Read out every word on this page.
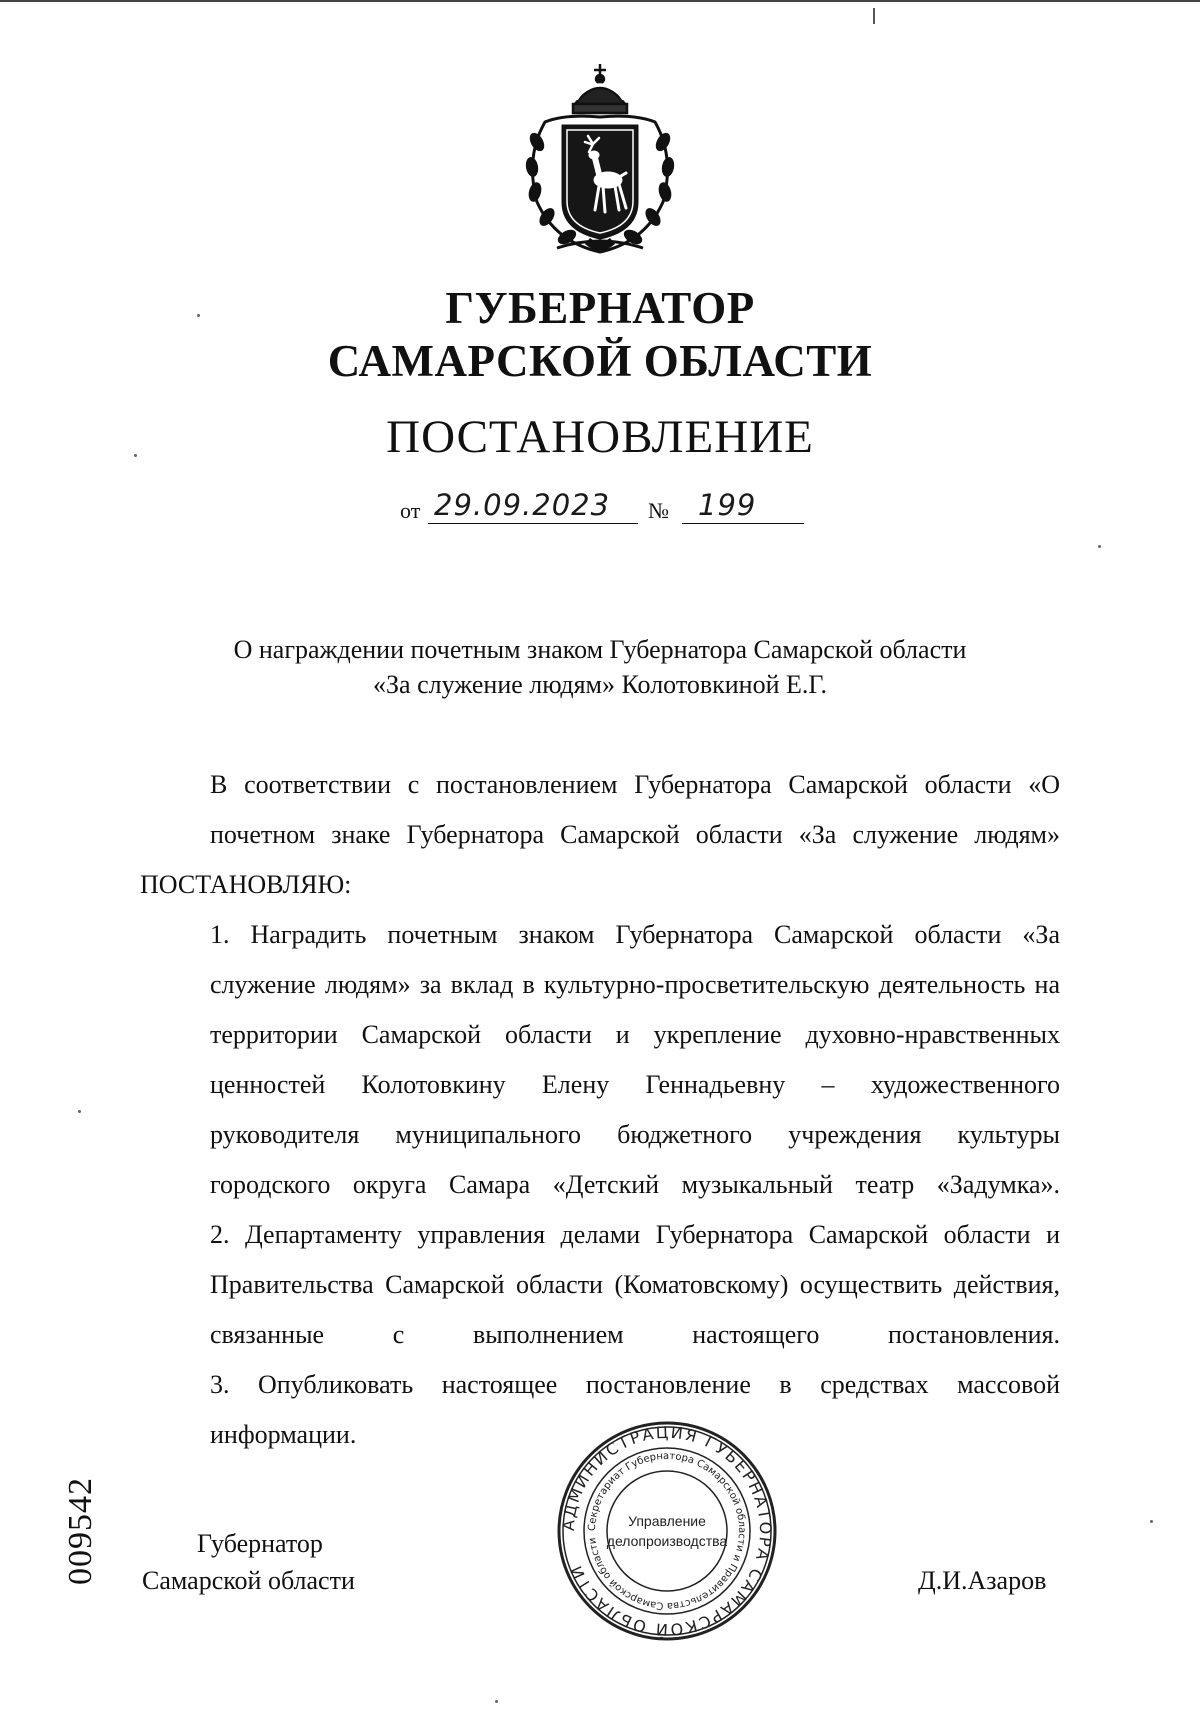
ГУБЕРНАТОР
САМАРСКОЙ ОБЛАСТИ
ПОСТАНОВЛЕНИЕ
от 29.09.2023 № 199
О награждении почетным знаком Губернатора Самарской области
«За служение людям» Колотовкиной Е.Г.
В соответствии с постановлением Губернатора Самарской области «О почетном знаке Губернатора Самарской области «За служение людям»
ПОСТАНОВЛЯЮ:
1. Наградить почетным знаком Губернатора Самарской области «За служение людям» за вклад в культурно-просветительскую деятельность на территории Самарской области и укрепление духовно-нравственных ценностей Колотовкину Елену Геннадьевну – художественного руководителя муниципального бюджетного учреждения культуры городского округа Самара «Детский музыкальный театр «Задумка».
2. Департаменту управления делами Губернатора Самарской области и Правительства Самарской области (Коматовскому) осуществить действия, связанные с выполнением настоящего постановления.
3. Опубликовать настоящее постановление в средствах массовой информации.
Губернатор
Самарской области	Д.И.Азаров
АДМИНИСТРАЦИЯ ГУБЕРНАТОРА САМАРСКОЙ ОБЛАСТИ
Секретариат Губернатора Самарской области и Правительства Самарской области
Управление
делопроизводства
009542
